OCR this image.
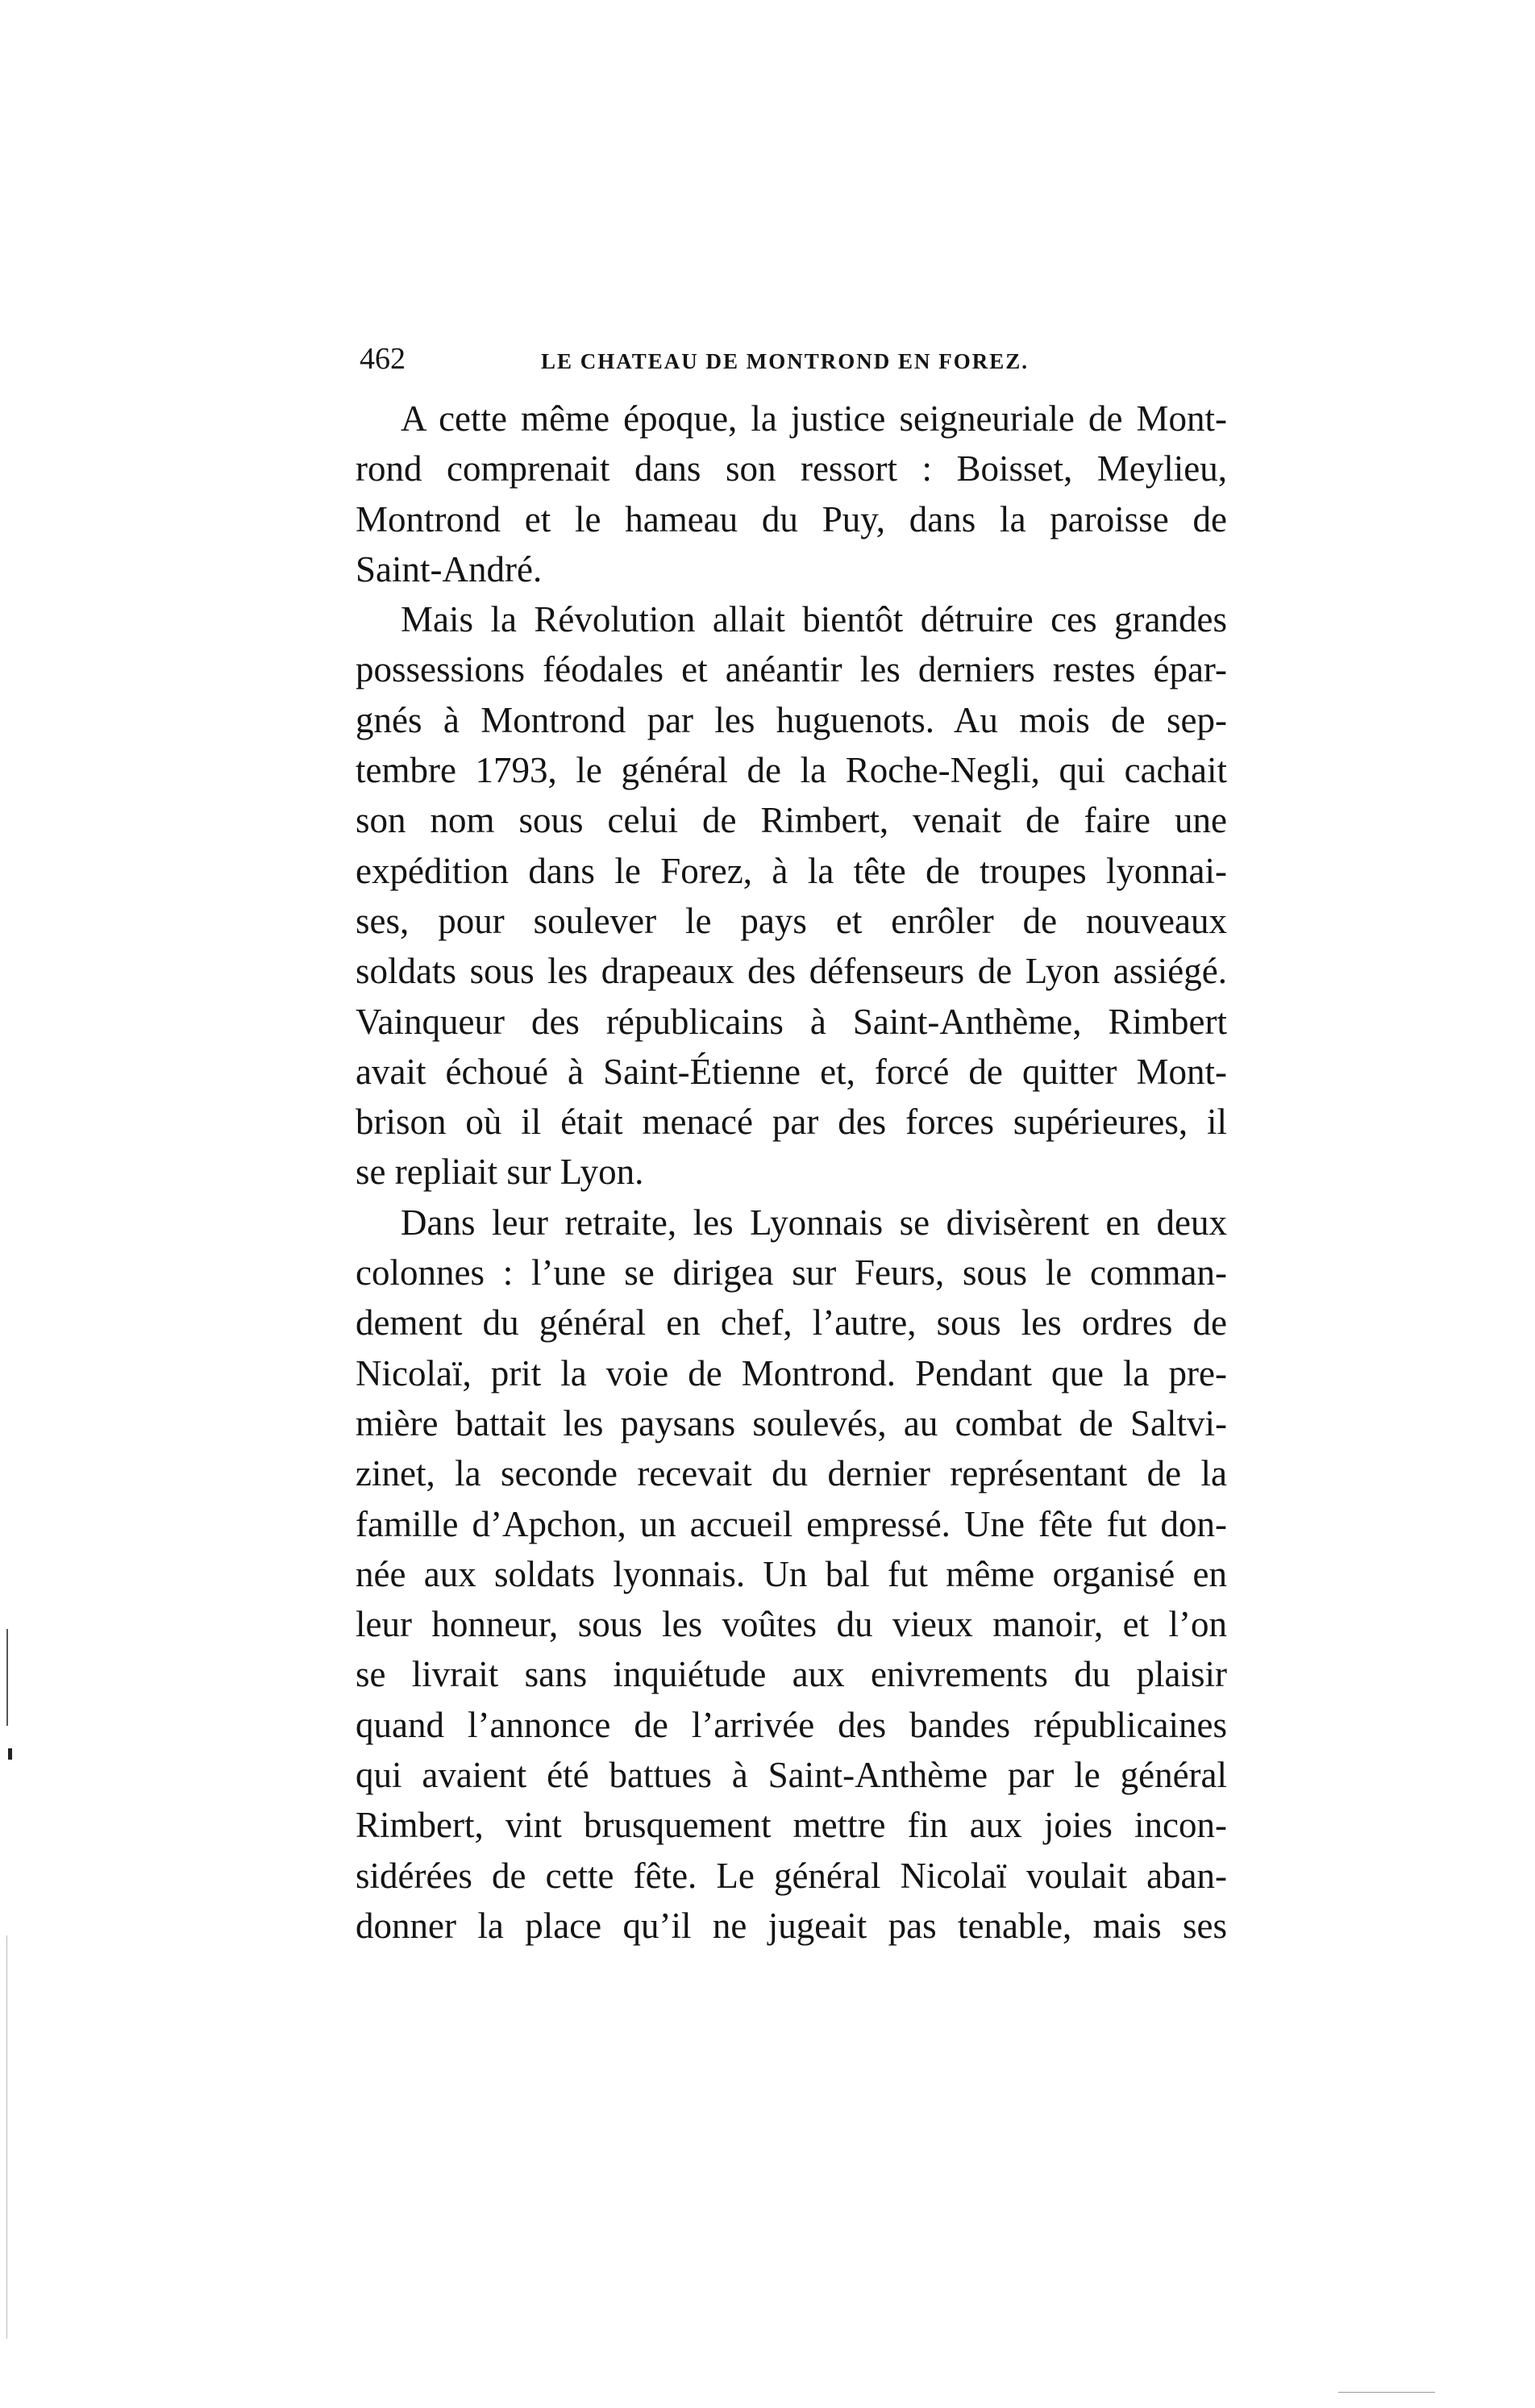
462	LE CHATEAU DE MONTROND EN FOREZ.
A cette même époque, la justice seigneuriale de Mont-
rond comprenait dans son ressort : Boisset, Meylieu,
Montrond et le hameau du Puy, dans la paroisse de
Saint-André.
Mais la Révolution allait bientôt détruire ces grandes
possessions féodales et anéantir les derniers restes épar-
gnés à Montrond par les huguenots. Au mois de sep-
tembre 1793, le général de la Roche-Negli, qui cachait
son nom sous celui de Rimbert, venait de faire une
expédition dans le Forez, à la tête de troupes lyonnai-
ses, pour soulever le pays et enrôler de nouveaux
soldats sous les drapeaux des défenseurs de Lyon assiégé.
Vainqueur des républicains à Saint-Anthème, Rimbert
avait échoué à Saint-Étienne et, forcé de quitter Mont-
brison où il était menacé par des forces supérieures, il
se repliait sur Lyon.
Dans leur retraite, les Lyonnais se divisèrent en deux
colonnes : l’une se dirigea sur Feurs, sous le comman-
dement du général en chef, l’autre, sous les ordres de
Nicolaï, prit la voie de Montrond. Pendant que la pre-
mière battait les paysans soulevés, au combat de Saltvi-
zinet, la seconde recevait du dernier représentant de la
famille d’Apchon, un accueil empressé. Une fête fut don-
née aux soldats lyonnais. Un bal fut même organisé en
leur honneur, sous les voûtes du vieux manoir, et l’on
se livrait sans inquiétude aux enivrements du plaisir
quand l’annonce de l’arrivée des bandes républicaines
qui avaient été battues à Saint-Anthème par le général
Rimbert, vint brusquement mettre fin aux joies incon-
sidérées de cette fête. Le général Nicolaï voulait aban-
donner la place qu’il ne jugeait pas tenable, mais ses
